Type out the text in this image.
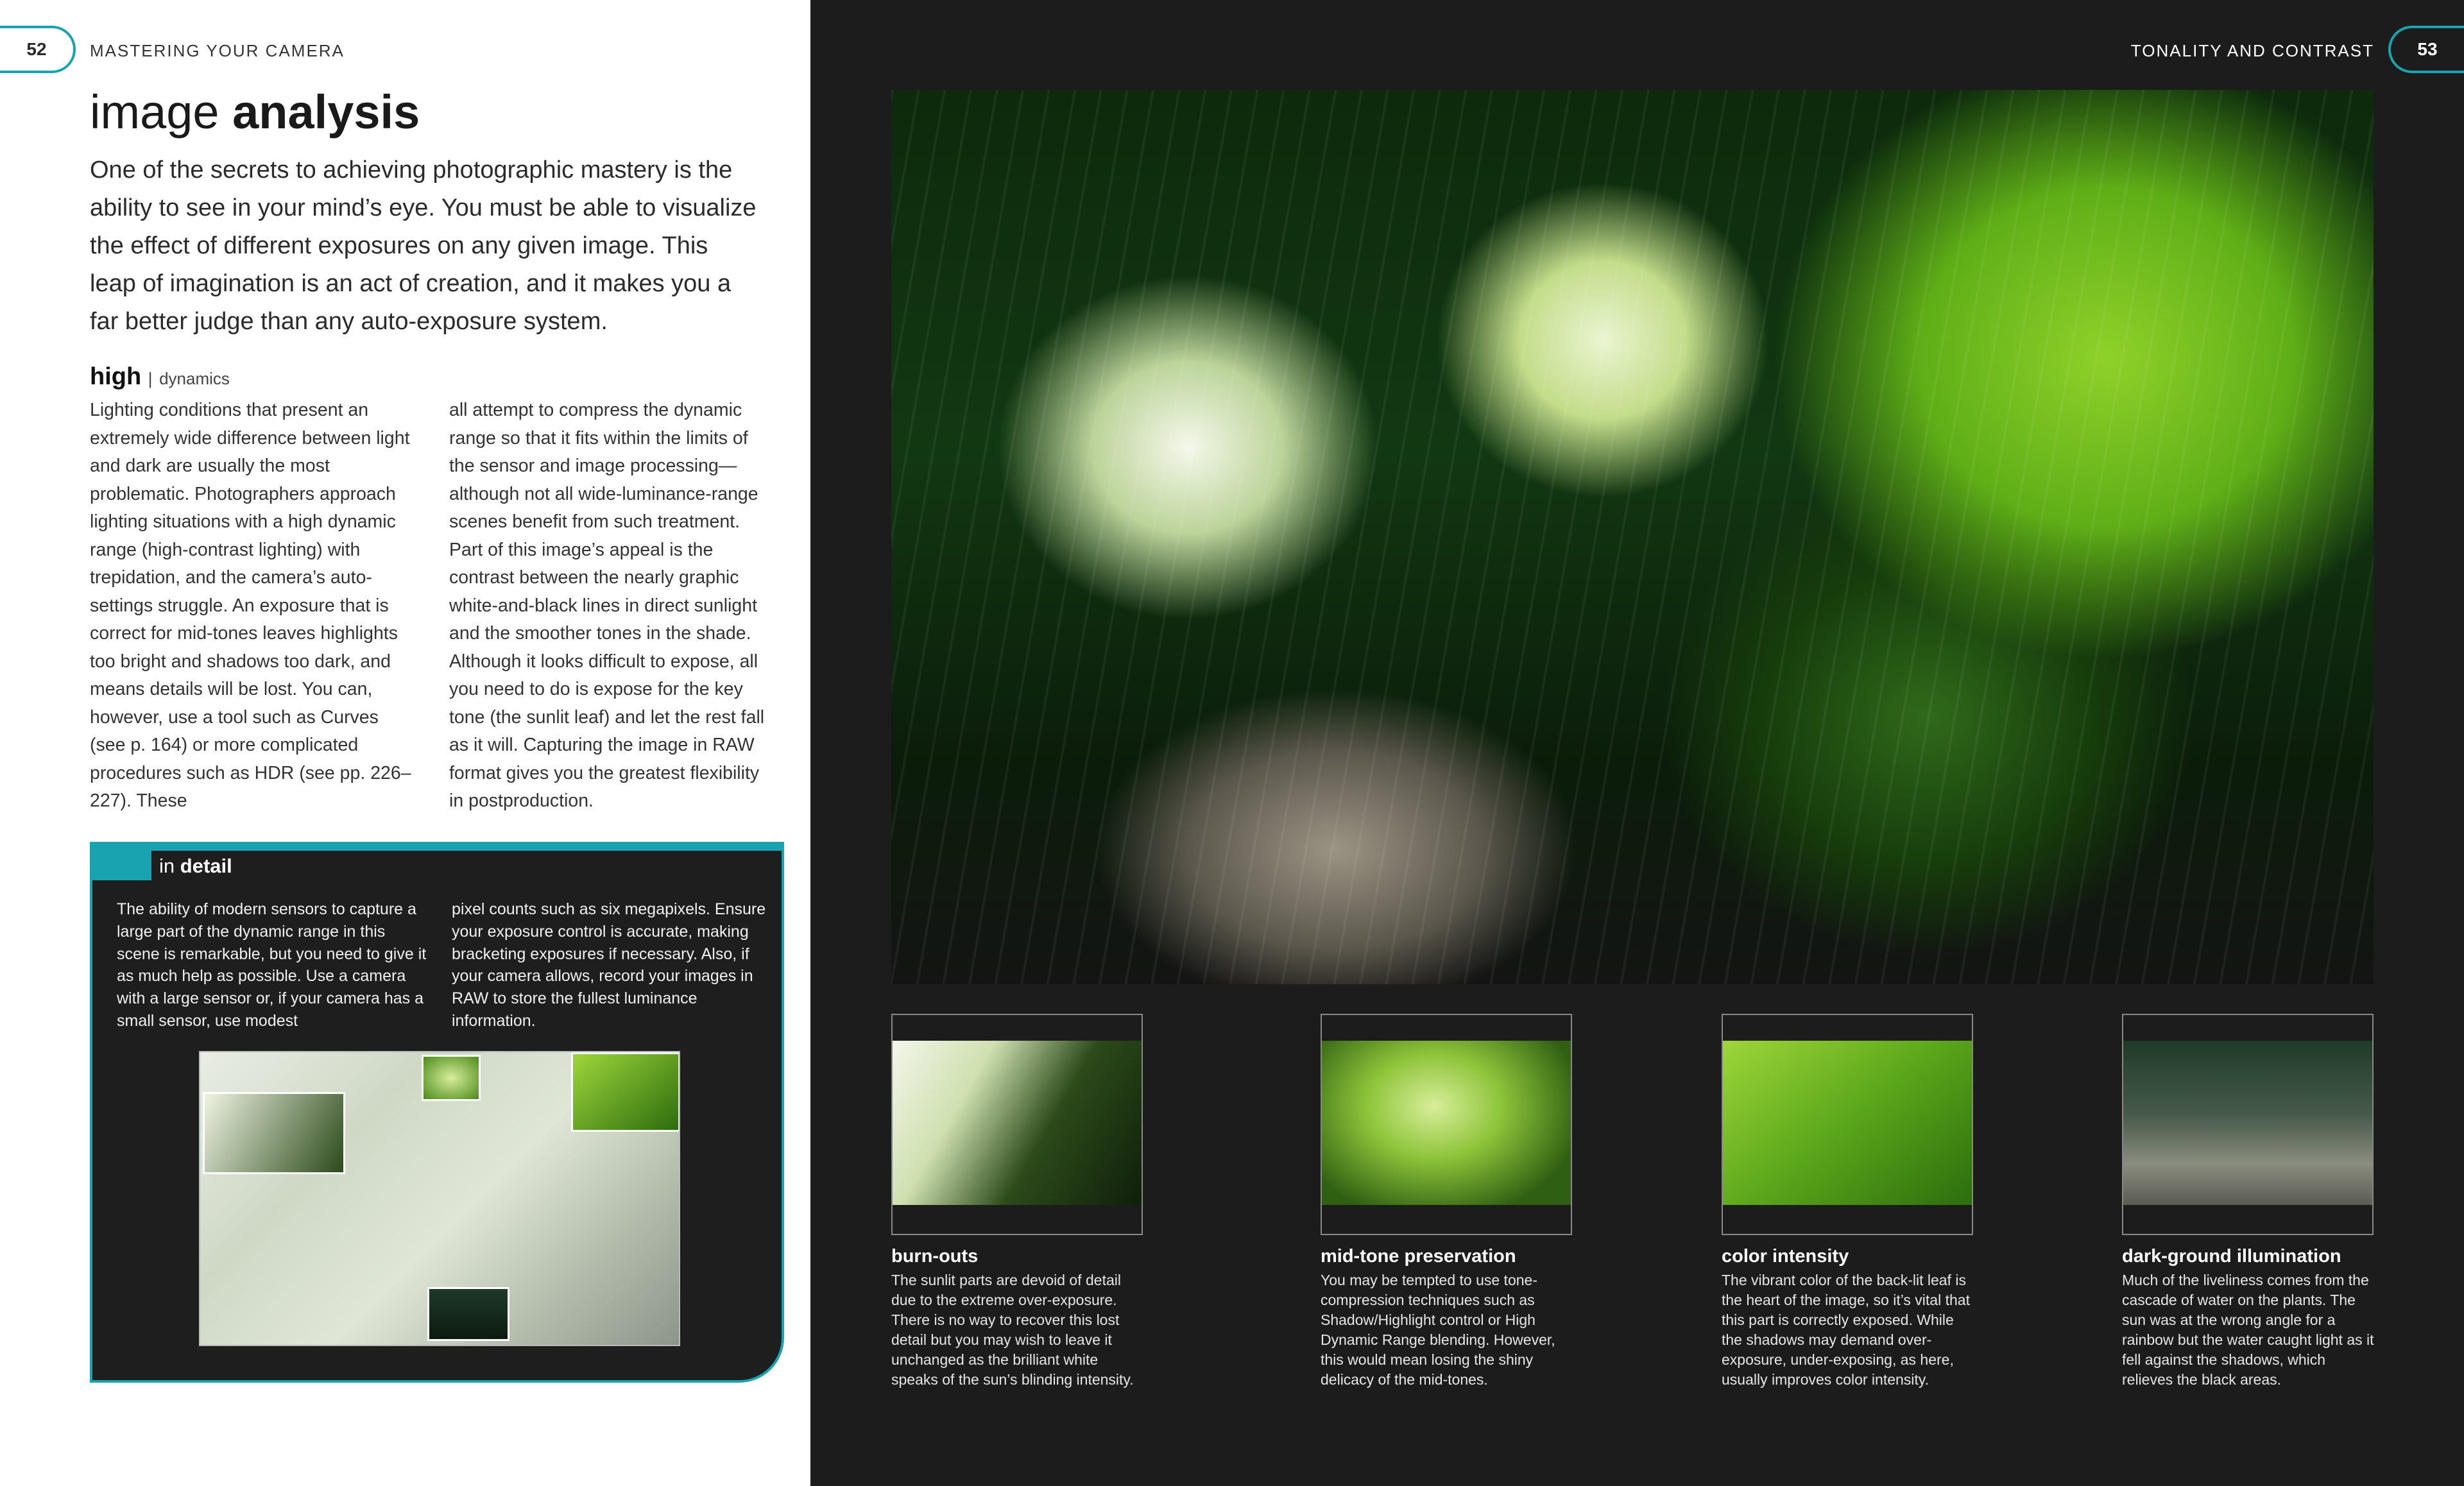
52	MASTERING YOUR CAMERA
image analysis

One of the secrets to achieving photographic mastery is the ability to see in your mind’s eye. You must be able to visualize the effect of different exposures on any given image. This leap of imagination is an act of creation, and it makes you a far better judge than any auto-exposure system.

high | dynamics

Lighting conditions that present an extremely wide difference between light and dark are usually the most problematic. Photographers approach lighting situations with a high dynamic range (high-contrast lighting) with trepidation, and the camera’s auto-settings struggle. An exposure that is correct for mid-tones leaves highlights too bright and shadows too dark, and means details will be lost. You can, however, use a tool such as Curves (see p. 164) or more complicated procedures such as HDR (see pp. 226–227). These

all attempt to compress the dynamic range so that it fits within the limits of the sensor and image processing—although not all wide-luminance-range scenes benefit from such treatment. Part of this image’s appeal is the contrast between the nearly graphic white-and-black lines in direct sunlight and the smoother tones in the shade. Although it looks difficult to expose, all you need to do is expose for the key tone (the sunlit leaf) and let the rest fall as it will. Capturing the image in RAW format gives you the greatest flexibility in postproduction.

in detail

The ability of modern sensors to capture a large part of the dynamic range in this scene is remarkable, but you need to give it as much help as possible. Use a camera with a large sensor or, if your camera has a small sensor, use modest

pixel counts such as six megapixels. Ensure your exposure control is accurate, making bracketing exposures if necessary. Also, if your camera allows, record your images in RAW to store the fullest luminance information.

53
TONALITY AND CONTRAST
burn-outs

The sunlit parts are devoid of detail due to the extreme over-exposure. There is no way to recover this lost detail but you may wish to leave it unchanged as the brilliant white speaks of the sun’s blinding intensity.

mid-tone preservation

You may be tempted to use tone-compression techniques such as Shadow/Highlight control or High Dynamic Range blending. However, this would mean losing the shiny delicacy of the mid-tones.

color intensity

The vibrant color of the back-lit leaf is the heart of the image, so it’s vital that this part is correctly exposed. While the shadows may demand over-exposure, under-exposing, as here, usually improves color intensity.

dark-ground illumination

Much of the liveliness comes from the cascade of water on the plants. The sun was at the wrong angle for a rainbow but the water caught light as it fell against the shadows, which relieves the black areas.
